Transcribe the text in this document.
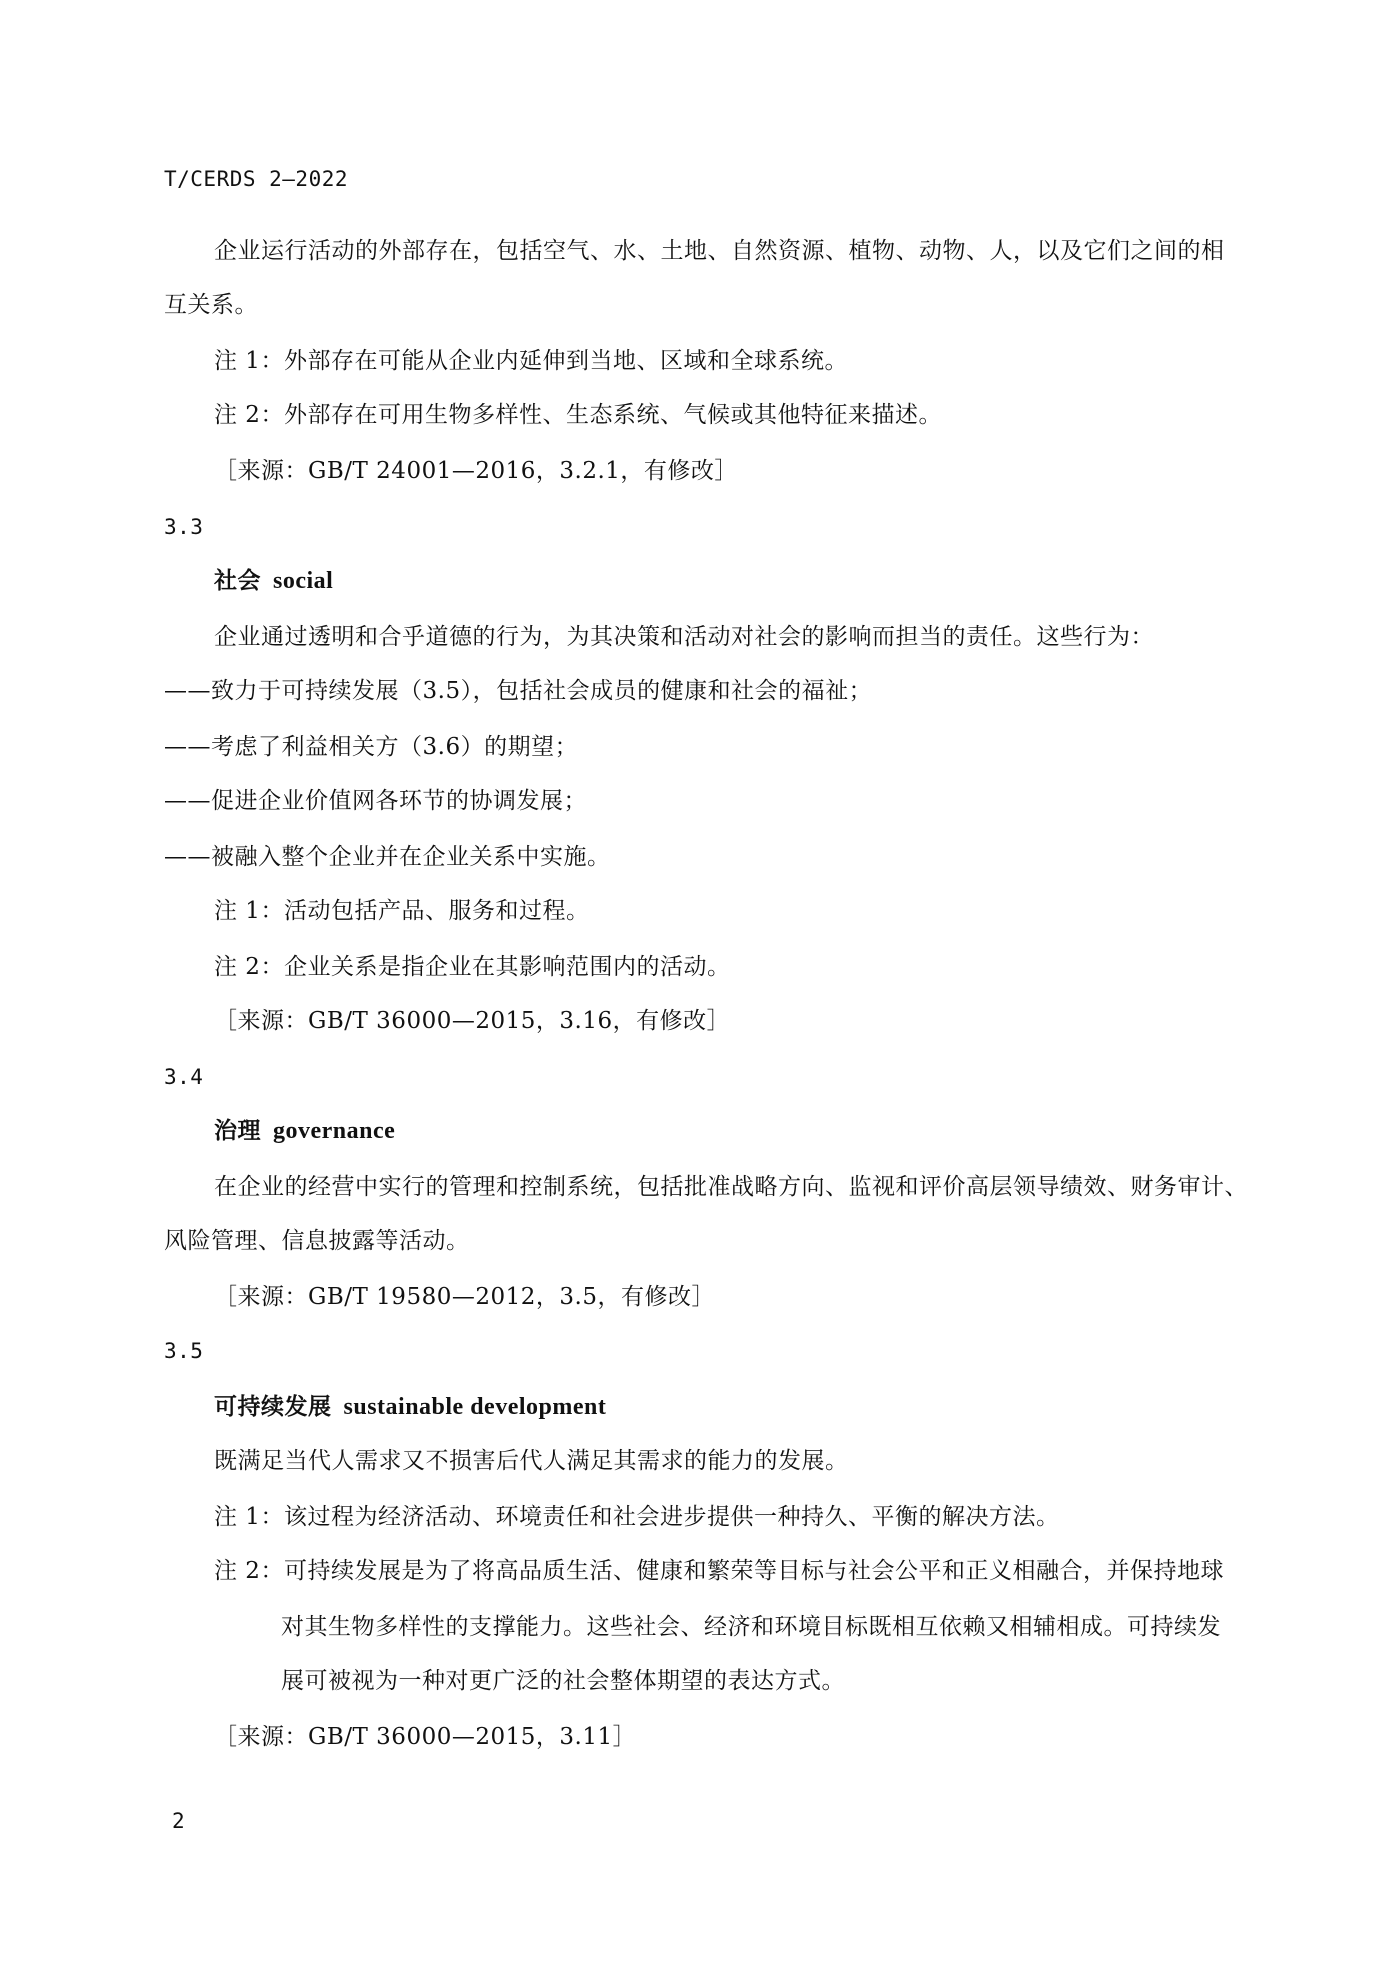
T/CERDS 2—2022
企业运行活动的外部存在，包括空气、水、土地、自然资源、植物、动物、人，以及它们之间的相
互关系。
注 1：外部存在可能从企业内延伸到当地、区域和全球系统。
注 2：外部存在可用生物多样性、生态系统、气候或其他特征来描述。
［来源：GB/T 24001—2016，3.2.1，有修改］
3.3
社会 social
企业通过透明和合乎道德的行为，为其决策和活动对社会的影响而担当的责任。这些行为：
——致力于可持续发展（3.5），包括社会成员的健康和社会的福祉；
——考虑了利益相关方（3.6）的期望；
——促进企业价值网各环节的协调发展；
——被融入整个企业并在企业关系中实施。
注 1：活动包括产品、服务和过程。
注 2：企业关系是指企业在其影响范围内的活动。
［来源：GB/T 36000—2015，3.16，有修改］
3.4
治理 governance
在企业的经营中实行的管理和控制系统，包括批准战略方向、监视和评价高层领导绩效、财务审计、
风险管理、信息披露等活动。
［来源：GB/T 19580—2012，3.5，有修改］
3.5
可持续发展 sustainable development
既满足当代人需求又不损害后代人满足其需求的能力的发展。
注 1：该过程为经济活动、环境责任和社会进步提供一种持久、平衡的解决方法。
注 2：可持续发展是为了将高品质生活、健康和繁荣等目标与社会公平和正义相融合，并保持地球
对其生物多样性的支撑能力。这些社会、经济和环境目标既相互依赖又相辅相成。可持续发
展可被视为一种对更广泛的社会整体期望的表达方式。
［来源：GB/T 36000—2015，3.11］
2
